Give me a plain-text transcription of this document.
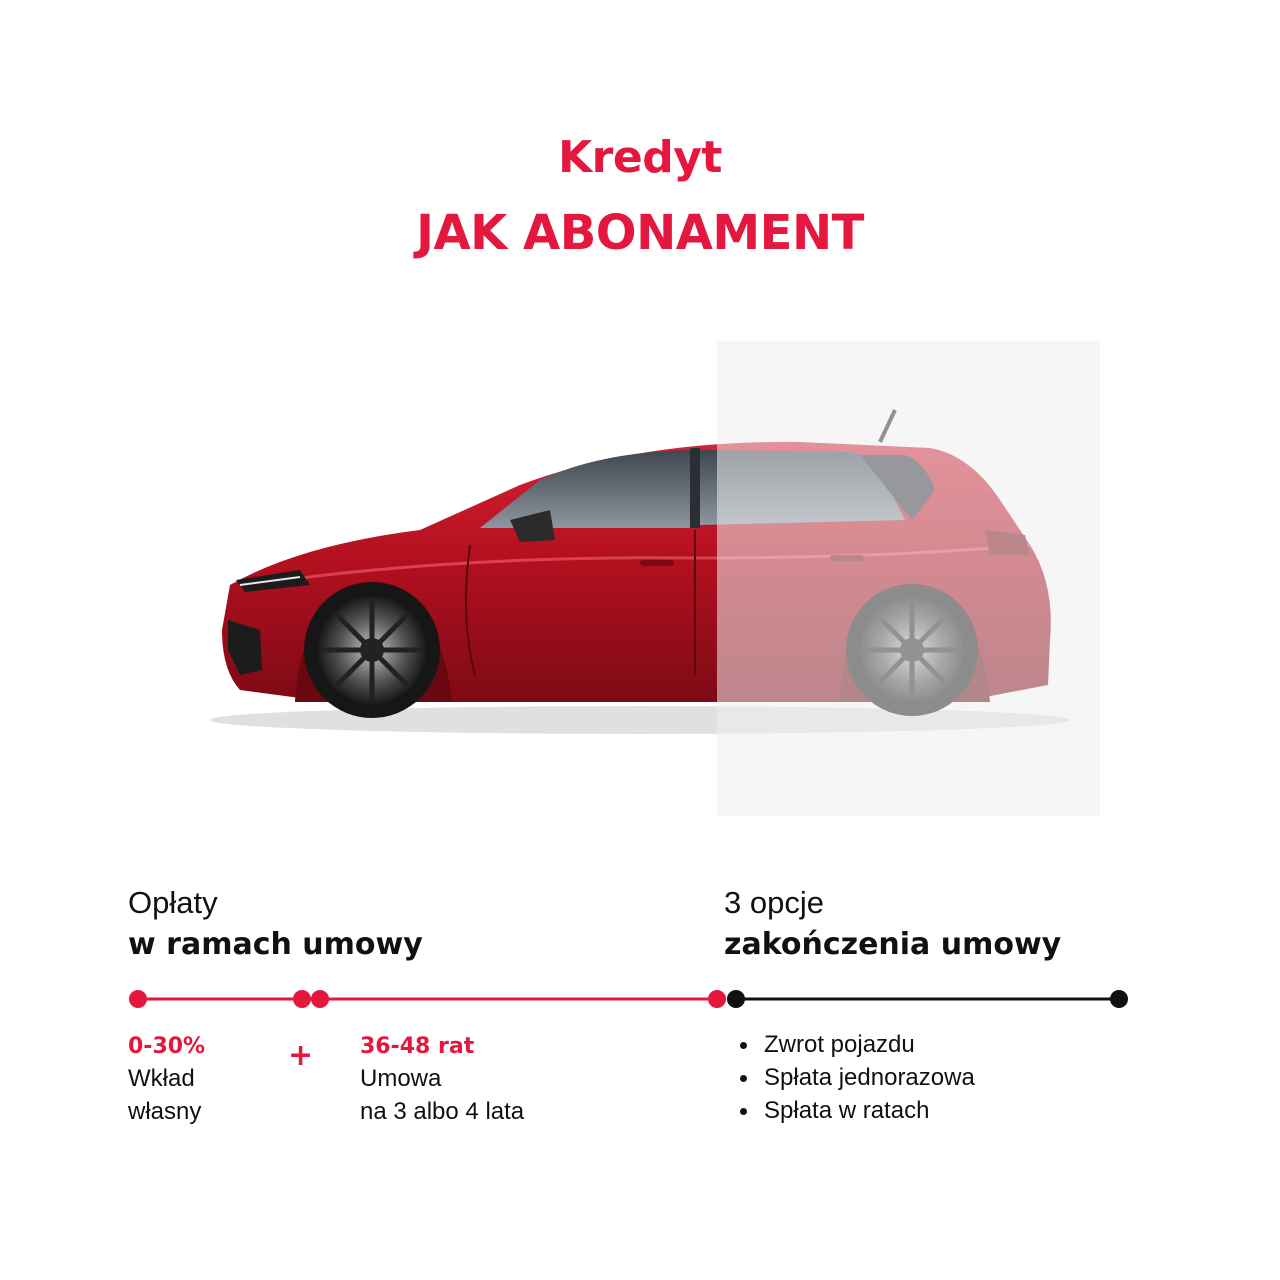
Kredyt
JAK ABONAMENT
Opłaty
w ramach umowy
3 opcje
zakończenia umowy
0-30%
Wkład
własny
+ 36-48 rat
Umowa
na 3 albo 4 lata
Zwrot pojazdu
Spłata jednorazowa
Spłata w ratach
